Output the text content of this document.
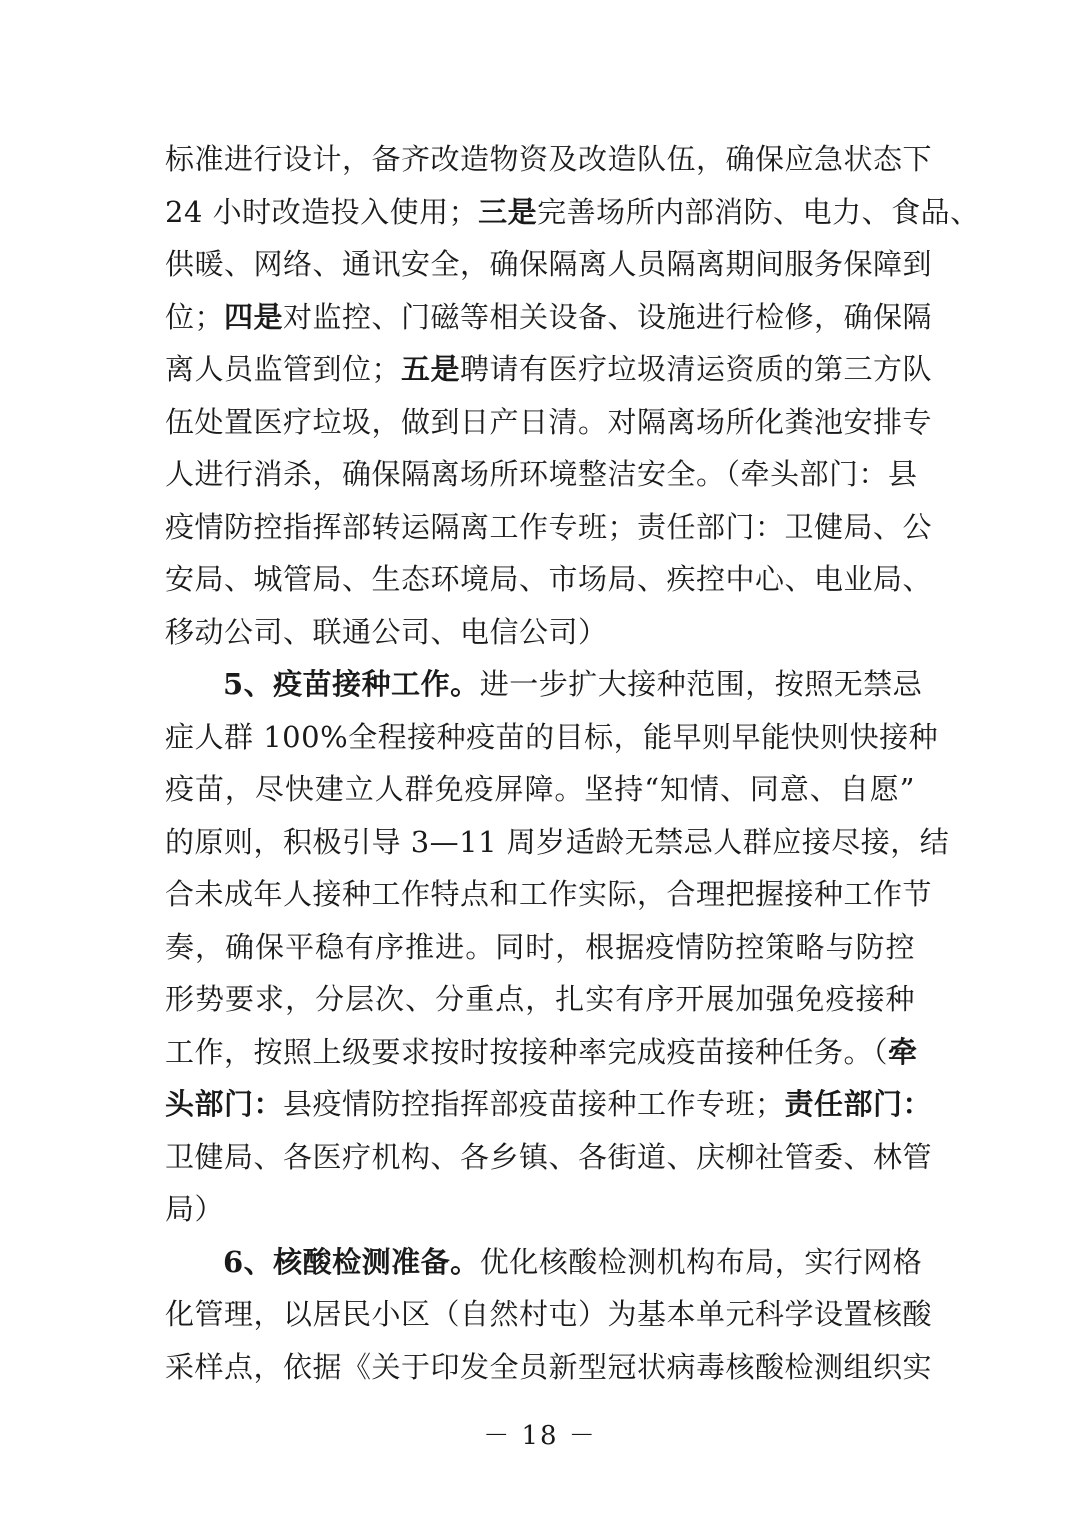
标准进行设计，备齐改造物资及改造队伍，确保应急状态下
24 小时改造投入使用；三是完善场所内部消防、电力、食品、
供暖、网络、通讯安全，确保隔离人员隔离期间服务保障到
位；四是对监控、门磁等相关设备、设施进行检修，确保隔
离人员监管到位；五是聘请有医疗垃圾清运资质的第三方队
伍处置医疗垃圾，做到日产日清。对隔离场所化粪池安排专
人进行消杀，确保隔离场所环境整洁安全。（牵头部门：县
疫情防控指挥部转运隔离工作专班；责任部门：卫健局、公
安局、城管局、生态环境局、市场局、疾控中心、电业局、
移动公司、联通公司、电信公司）
5、疫苗接种工作。进一步扩大接种范围，按照无禁忌
症人群 100%全程接种疫苗的目标，能早则早能快则快接种
疫苗，尽快建立人群免疫屏障。坚持“知情、同意、自愿”
的原则，积极引导 3—11 周岁适龄无禁忌人群应接尽接，结
合未成年人接种工作特点和工作实际，合理把握接种工作节
奏，确保平稳有序推进。同时，根据疫情防控策略与防控
形势要求，分层次、分重点，扎实有序开展加强免疫接种
工作，按照上级要求按时按接种率完成疫苗接种任务。（牵
头部门：县疫情防控指挥部疫苗接种工作专班；责任部门：
卫健局、各医疗机构、各乡镇、各街道、庆柳社管委、林管
局）
6、核酸检测准备。优化核酸检测机构布局，实行网格
化管理，以居民小区（自然村屯）为基本单元科学设置核酸
采样点，依据《关于印发全员新型冠状病毒核酸检测组织实
－ 18 －
